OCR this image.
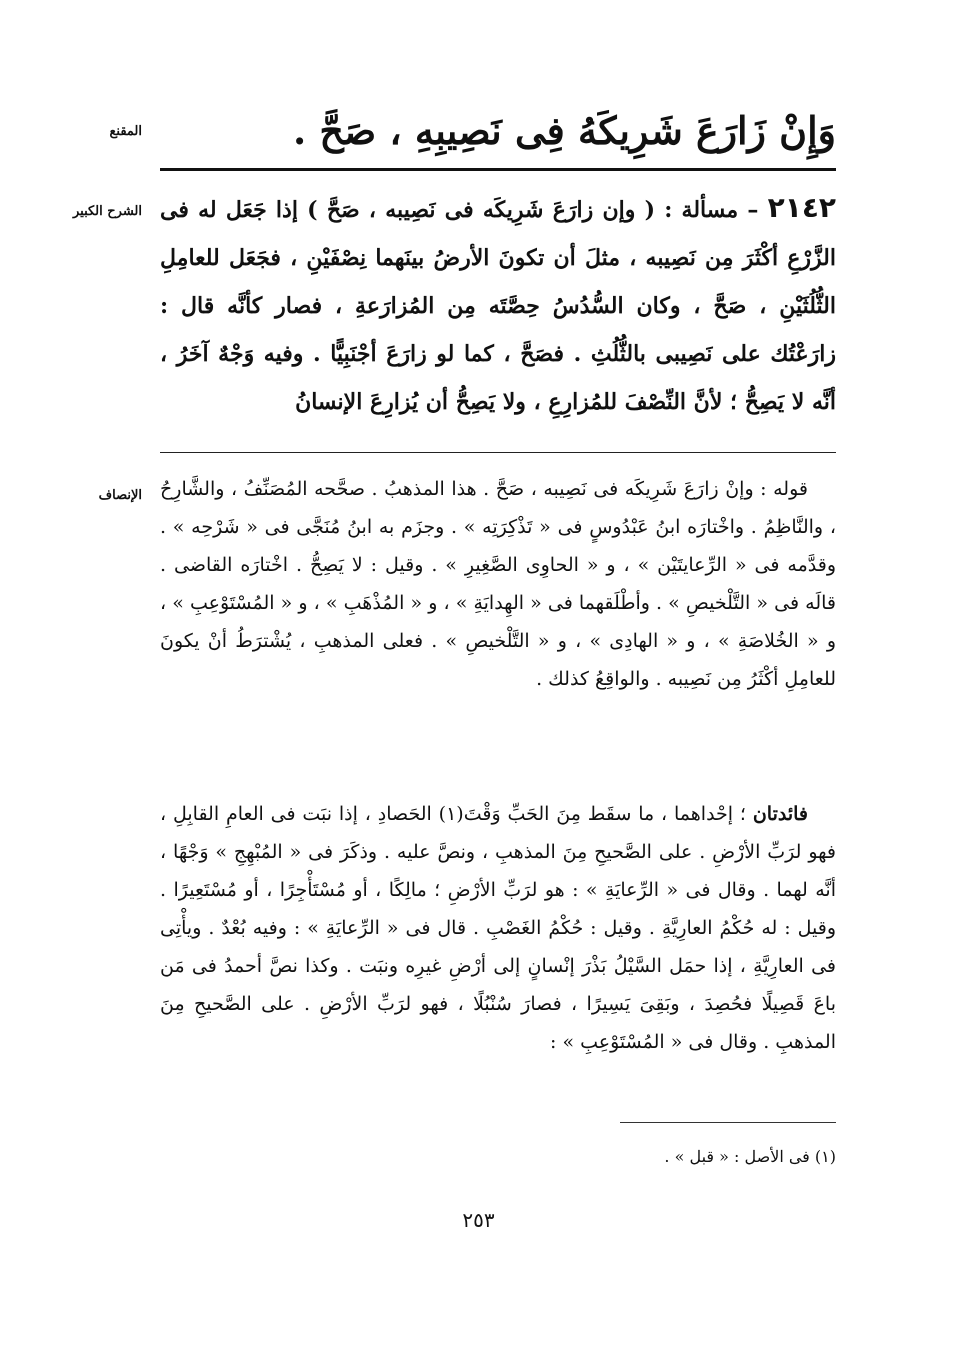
المقنع	وَإِنْ زَارَعَ شَرِيكَهُ فِى نَصِيبِهِ ، صَحَّ .
الشرح الكبير	٢١٤٢ – مسألة : ( وإن زارَعَ شَرِيكَه فى نَصِيبه ، صَحَّ ) إذا جَعَل له فى الزَّرْعِ أكْثَرَ مِن نَصِيبه ، مثلَ أن تكونَ الأرضُ بينَهما نِصْفَيْنِ ، فجَعَل للعامِلِ الثُّلُثَيْنِ ، صَحَّ ، وكان السُّدُسُ حِصَّتَه مِن المُزارَعةِ ، فصار كأنَّه قال : زارَعْتُك على نَصِيبى بالثُّلُثِ . فصَحَّ ، كما لو زارَعَ أجْنَبِيًّا . وفيه وَجْهٌ آخَرُ ، أنَّه لا يَصِحُّ ؛ لأنَّ النِّصْفَ للمُزارِعِ ، ولا يَصِحُّ أن يُزارِعَ الإنسانُ
الإنصاف قوله : وإنْ زارَعَ شَرِيكَه فى نَصِيبه ، صَحَّ . هذا المذهبُ . صحَّحه المُصَنِّفُ ، والشَّارِحُ ، والنَّاظِمُ . واخْتارَه ابنُ عَبْدُوسٍ فى « تَذْكِرَتِه » . وجزَم به ابنُ مُنَجَّى فى « شَرْحِه » . وقدَّمه فى « الرِّعايتَيْن » ، و « الحاوِى الصَّغِيرِ » . وقيل : لا يَصِحُّ . اخْتارَه القاضى . قالَه فى « التَّلْخيصِ » . وأطْلَقهما فى « الهِدايَةِ » ، و « المُذْهَبِ » ، و « المُسْتَوْعِبِ » ، و « الخُلاصَةِ » ، و « الهادِى » ، و « التَّلْخيصِ » . فعلى المذهبِ ، يُشْترَطُ أنْ يكونَ للعامِلِ أكْثَرُ مِن نَصِيبه . والواقِعُ كذلك .

فائدتان ؛ إحْداهما ، ما سقَط مِنَ الحَبِّ وَقْتَ(١) الحَصادِ ، إذا نبَت فى العامِ القابِلِ ، فهو لرَبِّ الأرْضِ . على الصَّحيحِ مِنَ المذهبِ ، ونصَّ عليه . وذكَرَ فى « المُبْهِجِ » وَجْهًا ، أنَّه لهما . وقال فى « الرِّعايَةِ » : هو لرَبِّ الأرْضِ ؛ مالِكًا ، أو مُسْتَأْجِرًا ، أو مُسْتَعِيرًا . وقيل : له حُكْمُ العارِيَّةِ . وقيل : حُكْمُ الغَصْبِ . قال فى « الرِّعايَةِ » : وفيه بُعْدٌ . ويأْتِى فى العارِيَّةِ ، إذا حمَل السَّيْلُ بَذْرَ إنْسانٍ إلى أرْضِ غيرِه ونبَت . وكذا نصَّ أحمدُ فى مَن باعَ قَصِيلًا فحُصِدَ ، وبَقِىَ يَسِيرًا ، فصارَ سُنْبُلًا ، فهو لرَبِّ الأرْضِ . على الصَّحيحِ مِنَ المذهبِ . وقال فى « المُسْتَوْعِبِ » :

(١) فى الأصل : « قبل » .
٢٥٣
